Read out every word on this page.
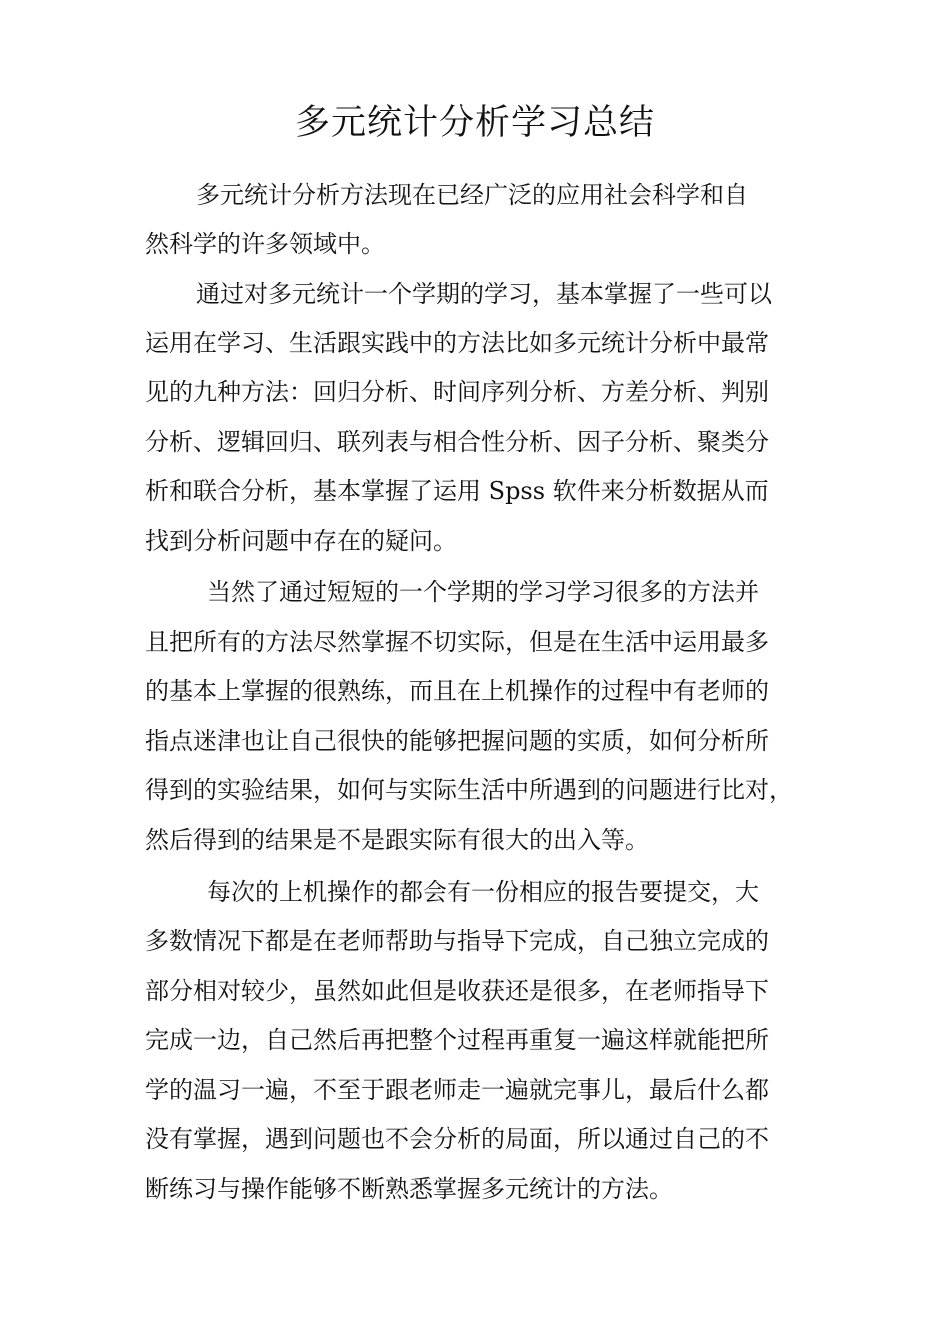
多元统计分析学习总结

多元统计分析方法现在已经广泛的应用社会科学和自

然科学的许多领域中。

通过对多元统计一个学期的学习，基本掌握了一些可以

运用在学习、生活跟实践中的方法比如多元统计分析中最常

见的九种方法：回归分析、时间序列分析、方差分析、判别

分析、逻辑回归、联列表与相合性分析、因子分析、聚类分

析和联合分析，基本掌握了运用 Spss 软件来分析数据从而

找到分析问题中存在的疑问。

当然了通过短短的一个学期的学习学习很多的方法并

且把所有的方法尽然掌握不切实际，但是在生活中运用最多

的基本上掌握的很熟练，而且在上机操作的过程中有老师的

指点迷津也让自己很快的能够把握问题的实质，如何分析所

得到的实验结果，如何与实际生活中所遇到的问题进行比对，

然后得到的结果是不是跟实际有很大的出入等。

每次的上机操作的都会有一份相应的报告要提交，大

多数情况下都是在老师帮助与指导下完成，自己独立完成的

部分相对较少，虽然如此但是收获还是很多，在老师指导下

完成一边，自己然后再把整个过程再重复一遍这样就能把所

学的温习一遍，不至于跟老师走一遍就完事儿，最后什么都

没有掌握，遇到问题也不会分析的局面，所以通过自己的不

断练习与操作能够不断熟悉掌握多元统计的方法。
